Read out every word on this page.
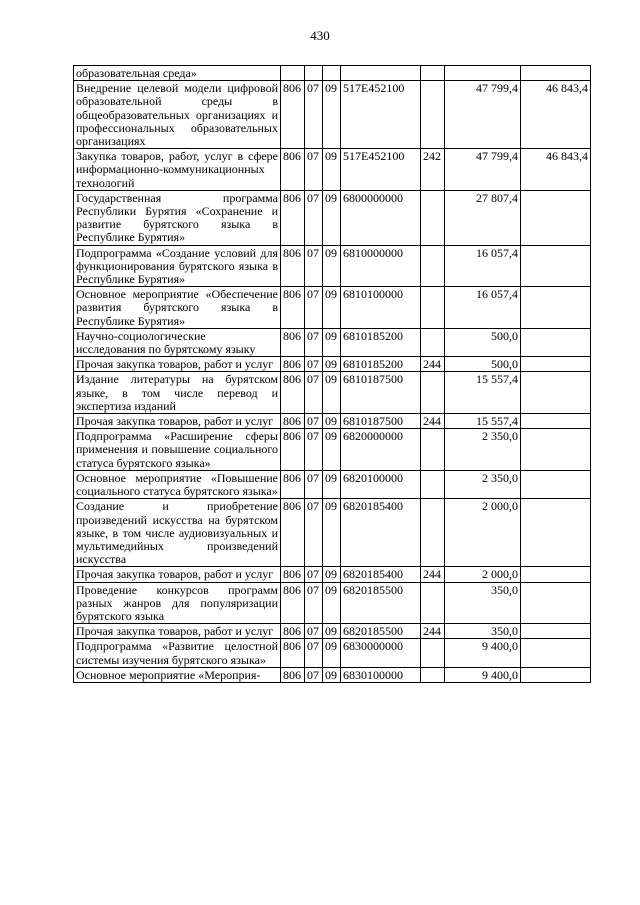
430
образовательная среда»							
Внедрение целевой модели цифровой образовательной среды в общеобразовательных организациях и профессиональных образовательных организациях	806	07	09	517E452100		47 799,4	46 843,4
Закупка товаров, работ, услуг в сфере информационно-коммуникационных технологий	806	07	09	517E452100	242	47 799,4	46 843,4
Государственная программа Республики Бурятия «Сохранение и развитие бурятского языка в Республике Бурятия»	806	07	09	6800000000		27 807,4	
Подпрограмма «Создание условий для функционирования бурятского языка в Республике Бурятия»	806	07	09	6810000000		16 057,4	
Основное мероприятие «Обеспечение развития бурятского языка в Республике Бурятия»	806	07	09	6810100000		16 057,4	
Научно-социологические исследования по бурятскому языку	806	07	09	6810185200		500,0	
Прочая закупка товаров, работ и услуг	806	07	09	6810185200	244	500,0	
Издание литературы на бурятском языке, в том числе перевод и экспертиза изданий	806	07	09	6810187500		15 557,4	
Прочая закупка товаров, работ и услуг	806	07	09	6810187500	244	15 557,4	
Подпрограмма «Расширение сферы применения и повышение социального статуса бурятского языка»	806	07	09	6820000000		2 350,0	
Основное мероприятие «Повышение социального статуса бурятского языка»	806	07	09	6820100000		2 350,0	
Создание и приобретение произведений искусства на бурятском языке, в том числе аудиовизуальных и мультимедийных произведений искусства	806	07	09	6820185400		2 000,0	
Прочая закупка товаров, работ и услуг	806	07	09	6820185400	244	2 000,0	
Проведение конкурсов программ разных жанров для популяризации бурятского языка	806	07	09	6820185500		350,0	
Прочая закупка товаров, работ и услуг	806	07	09	6820185500	244	350,0	
Подпрограмма «Развитие целостной системы изучения бурятского языка»	806	07	09	6830000000		9 400,0	
Основное мероприятие «Мероприя-	806	07	09	6830100000		9 400,0	
